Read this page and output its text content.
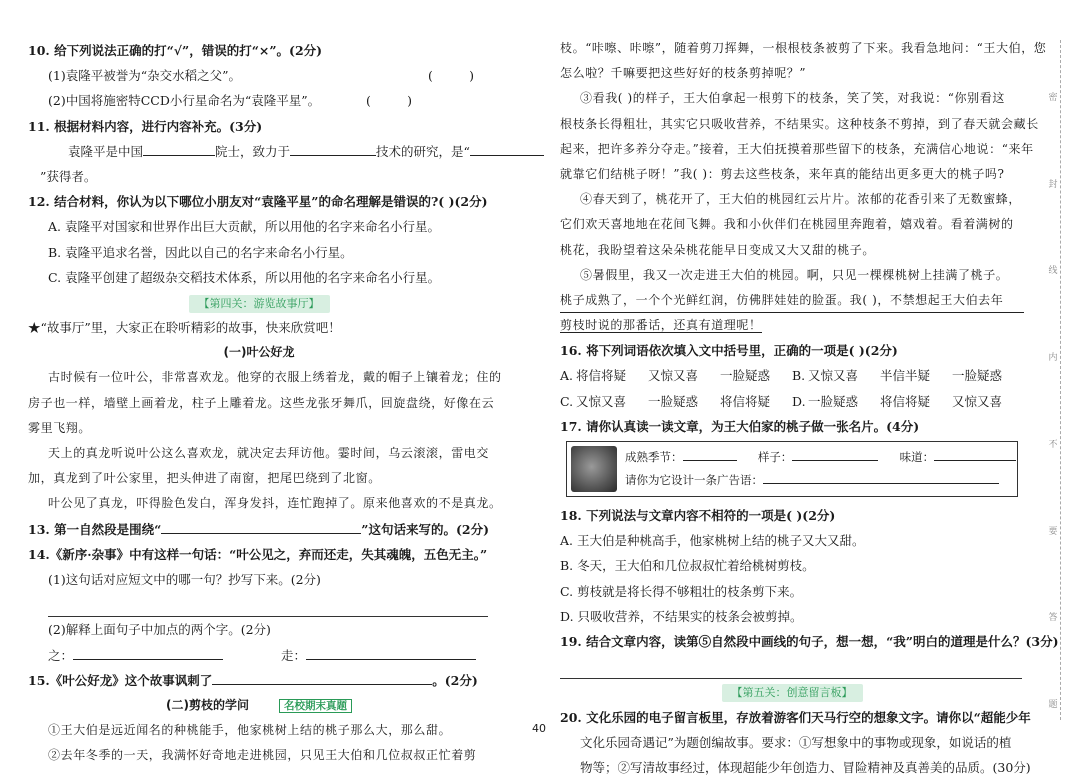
10. 给下列说法正确的打“√”，错误的打“×”。(2分)
(1)袁隆平被誉为“杂交水稻之父”。	(	)
(2)中国将施密特CCD小行星命名为“袁隆平星”。	(	)
11. 根据材料内容，进行内容补充。(3分)
袁隆平是中国	院士，致力于	技术的研究，是“
”获得者。
12. 结合材料，你认为以下哪位小朋友对“袁隆平星”的命名理解是错误的?( )(2分)
A. 袁隆平对国家和世界作出巨大贡献，所以用他的名字来命名小行星。
B. 袁隆平追求名誉，因此以自己的名字来命名小行星。
C. 袁隆平创建了超级杂交稻技术体系，所以用他的名字来命名小行星。
【第四关：游览故事厅】
★“故事厅”里，大家正在聆听精彩的故事，快来欣赏吧！
(一)叶公好龙
古时候有一位叶公，非常喜欢龙。他穿的衣服上绣着龙，戴的帽子上镶着龙；住的
房子也一样，墙壁上画着龙，柱子上雕着龙。这些龙张牙舞爪，回旋盘绕，好像在云
雾里飞翔。
天上的真龙听说叶公这么喜欢龙，就决定去拜访他。霎时间，乌云滚滚，雷电交
加，真龙到了叶公家里，把头伸进了南窗，把尾巴绕到了北窗。
叶公见了真龙，吓得脸色发白，浑身发抖，连忙跑掉了。原来他喜欢的不是真龙。
13. 第一自然段是围绕“	”这句话来写的。(2分)
14.《新序·杂事》中有这样一句话：“叶公见之，弃而还走，失其魂魄，五色无主。”
(1)这句话对应短文中的哪一句？抄写下来。(2分)
(2)解释上面句子中加点的两个字。(2分)
之：	走：
15.《叶公好龙》这个故事讽刺了	。(2分)
(二)剪枝的学问	名校期末真题
①王大伯是远近闻名的种桃能手，他家桃树上结的桃子那么大，那么甜。
②去年冬季的一天，我满怀好奇地走进桃园，只见王大伯和几位叔叔正忙着剪
枝。“咔嚓、咔嚓”，随着剪刀挥舞，一根根枝条被剪了下来。我看急地问：“王大伯，您
怎么啦？千嘛要把这些好好的枝条剪掉呢？”
③看我( )的样子，王大伯拿起一根剪下的枝条，笑了笑，对我说：“你别看这
根枝条长得粗壮，其实它只吸收营养，不结果实。这种枝条不剪掉，到了春天就会藏长
起来，把许多养分夺走。”接着，王大伯抚摸着那些留下的枝条，充满信心地说：“来年
就靠它们结桃子呀！”我( )：剪去这些枝条，来年真的能结出更多更大的桃子吗?
④春天到了，桃花开了，王大伯的桃园红云片片。浓郁的花香引来了无数蜜蜂，
它们欢天喜地地在花间飞舞。我和小伙伴们在桃园里奔跑着，嬉戏着。看着满树的
桃花，我盼望着这朵朵桃花能早日变成又大又甜的桃子。
⑤暑假里，我又一次走进王大伯的桃园。啊，只见一棵棵桃树上挂满了桃子。
桃子成熟了，一个个光鲜红润，仿佛胖娃娃的脸蛋。我( )，不禁想起王大伯去年
剪枝时说的那番话，还真有道理呢！
16. 将下列词语依次填入文中括号里，正确的一项是( )(2分)
A. 将信将疑	又惊又喜	一脸疑惑	B. 又惊又喜	半信半疑	一脸疑惑
C. 又惊又喜	一脸疑惑	将信将疑	D. 一脸疑惑	将信将疑	又惊又喜
17. 请你认真读一读文章，为王大伯家的桃子做一张名片。(4分)
成熟季节：	样子：	味道：
请你为它设计一条广告语：
18. 下列说法与文章内容不相符的一项是( )(2分)
A. 王大伯是种桃高手，他家桃树上结的桃子又大又甜。
B. 冬天，王大伯和几位叔叔忙着给桃树剪枝。
C. 剪枝就是将长得不够粗壮的枝条剪下来。
D. 只吸收营养，不结果实的枝条会被剪掉。
19. 结合文章内容，读第⑤自然段中画线的句子，想一想，“我”明白的道理是什么？(3分)
【第五关：创意留言板】
20. 文化乐园的电子留言板里，存放着游客们天马行空的想象文字。请你以“超能少年
文化乐园奇遇记”为题创编故事。要求：①写想象中的事物或现象，如说话的植
物等；②写清故事经过，体现超能少年创造力、冒险精神及真善美的品质。(30分)
40
密
封
线
内
不
要
答
题
